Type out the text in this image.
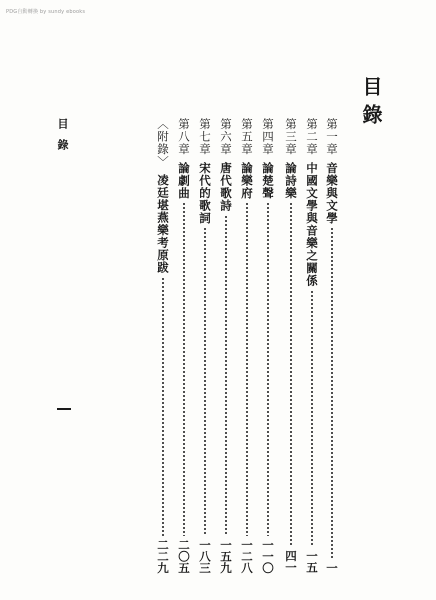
PDG自動轉換 by sundy ebooks
目錄
目錄	第一章
音樂與文學
一
第二章
中國文學與音樂之關係
一五
第三章
論詩樂
四一
第四章
論楚聲
一一〇
第五章
論樂府
一二八
第六章
唐代歌詩
一五九
第七章
宋代的歌詞
一八三
第八章
論劇曲
二〇五
〈附錄〉
凌廷堪燕樂考原跋
二二九
